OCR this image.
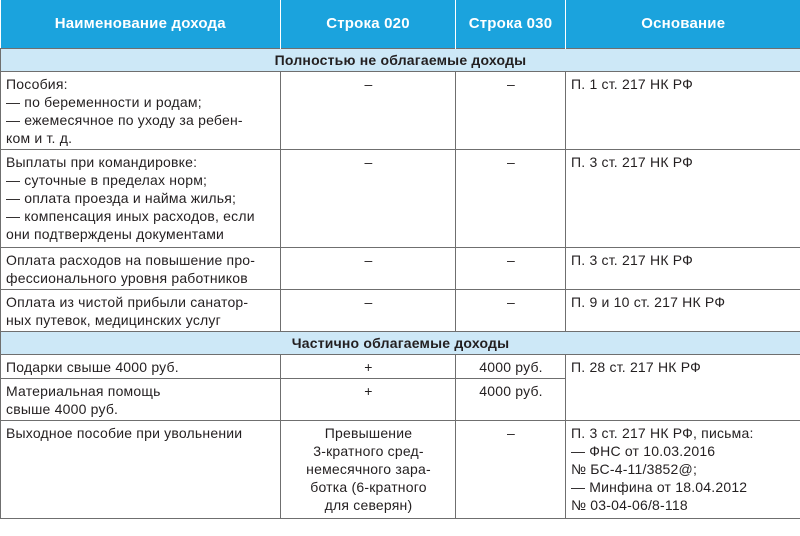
Наименование дохода	Строка 020	Строка 030	Основание
Полностью не облагаемые доходы			

Пособия:
— по беременности и родам;
— ежемесячное по уходу за ребен-
ком и т. д.	–	–	П. 1 ст. 217 НК РФ

Выплаты при командировке:
— суточные в пределах норм;
— оплата проезда и найма жилья;
— компенсация иных расходов, если
они подтверждены документами	–	–	П. 3 ст. 217 НК РФ

Оплата расходов на повышение про-
фессионального уровня работников	–	–	П. 3 ст. 217 НК РФ

Оплата из чистой прибыли санатор-
ных путевок, медицинских услуг	–	–	П. 9 и 10 ст. 217 НК РФ

Частично облагаемые доходы			

Подарки свыше 4000 руб.	+	4000 руб.	П. 28 ст. 217 НК РФ

Материальная помощь
свыше 4000 руб.	+	4000 руб.	

Выходное пособие при увольнении	Превышение
3-кратного сред-
немесячного зара-
ботка (6-кратного
для северян)	–	П. 3 ст. 217 НК РФ, письма:
— ФНС от 10.03.2016
№ БС-4-11/3852@;
— Минфина от 18.04.2012
№ 03-04-06/8-118
